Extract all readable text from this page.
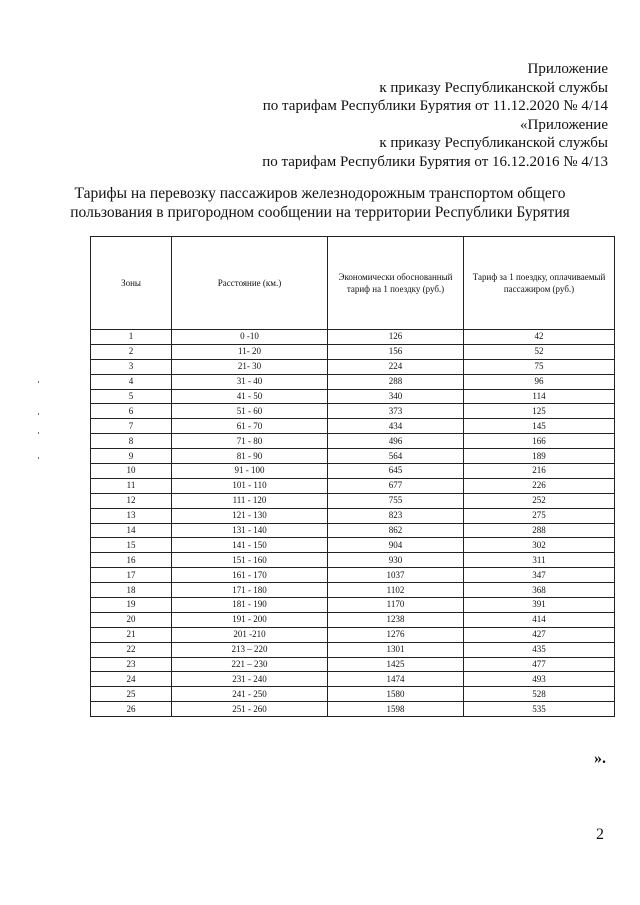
Приложение
к приказу Республиканской службы
по тарифам Республики Бурятия от 11.12.2020 № 4/14
«Приложение
к приказу Республиканской службы
по тарифам Республики Бурятия от 16.12.2016 № 4/13
Тарифы на перевозку пассажиров железнодорожным транспортом общего
пользования в пригородном сообщении на территории Республики Бурятия
Зоны	Расстояние (км.)	Экономически обоснованный тариф на 1 поездку (руб.)	Тариф за 1 поездку, оплачиваемый пассажиром (руб.)
1	0 -10	126	42
2	11- 20	156	52
3	21- 30	224	75
4	31 - 40	288	96
5	41 - 50	340	114
6	51 - 60	373	125
7	61 - 70	434	145
8	71 - 80	496	166
9	81 - 90	564	189
10	91 - 100	645	216
11	101 - 110	677	226
12	111 - 120	755	252
13	121 - 130	823	275
14	131 - 140	862	288
15	141 - 150	904	302
16	151 - 160	930	311
17	161 - 170	1037	347
18	171 - 180	1102	368
19	181 - 190	1170	391
20	191 - 200	1238	414
21	201 -210	1276	427
22	213 – 220	1301	435
23	221 – 230	1425	477
24	231 - 240	1474	493
25	241 - 250	1580	528
26	251 - 260	1598	535
».
2
